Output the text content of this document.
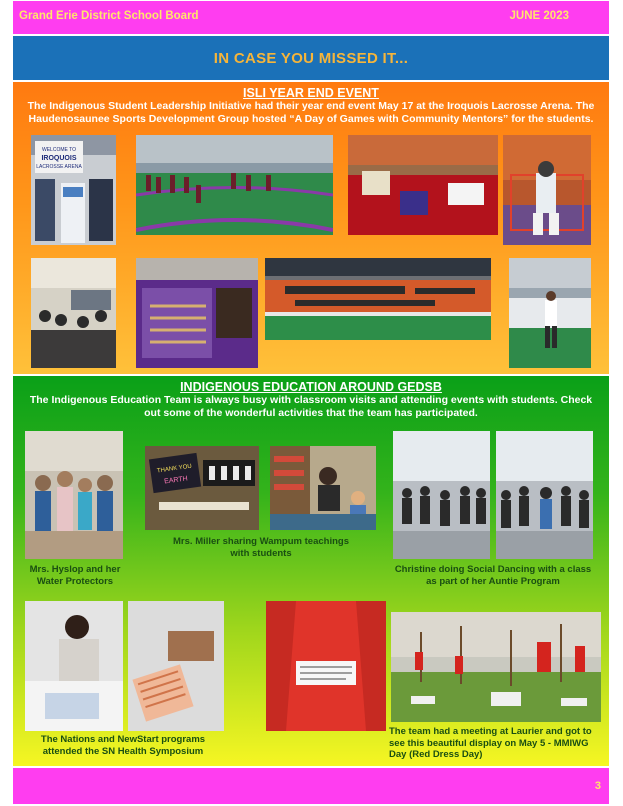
Grand Erie District School Board	JUNE 2023
IN CASE YOU MISSED IT...
ISLI YEAR END EVENT
The Indigenous Student Leadership Initiative had their year end event May 17 at the Iroquois Lacrosse Arena. The Haudenosaunee Sports Development Group hosted “A Day of Games with Community Mentors” for the students.
WELCOME TO
IROQUOIS
LACROSSE ARENA
INDIGENOUS EDUCATION AROUND GEDSB
The Indigenous Education Team is always busy with classroom visits and attending events with students. Check out some of the wonderful activities that the team has participated.
Mrs. Hyslop and her Water Protectors
THANK YOU
EARTH
Mrs. Miller sharing Wampum teachings with students
Christine doing Social Dancing with a class as part of her Auntie Program
The Nations and NewStart programs attended the SN Health Symposium
The team had a meeting at Laurier and got to see this beautiful display on May 5 - MMIWG Day (Red Dress Day)
3
